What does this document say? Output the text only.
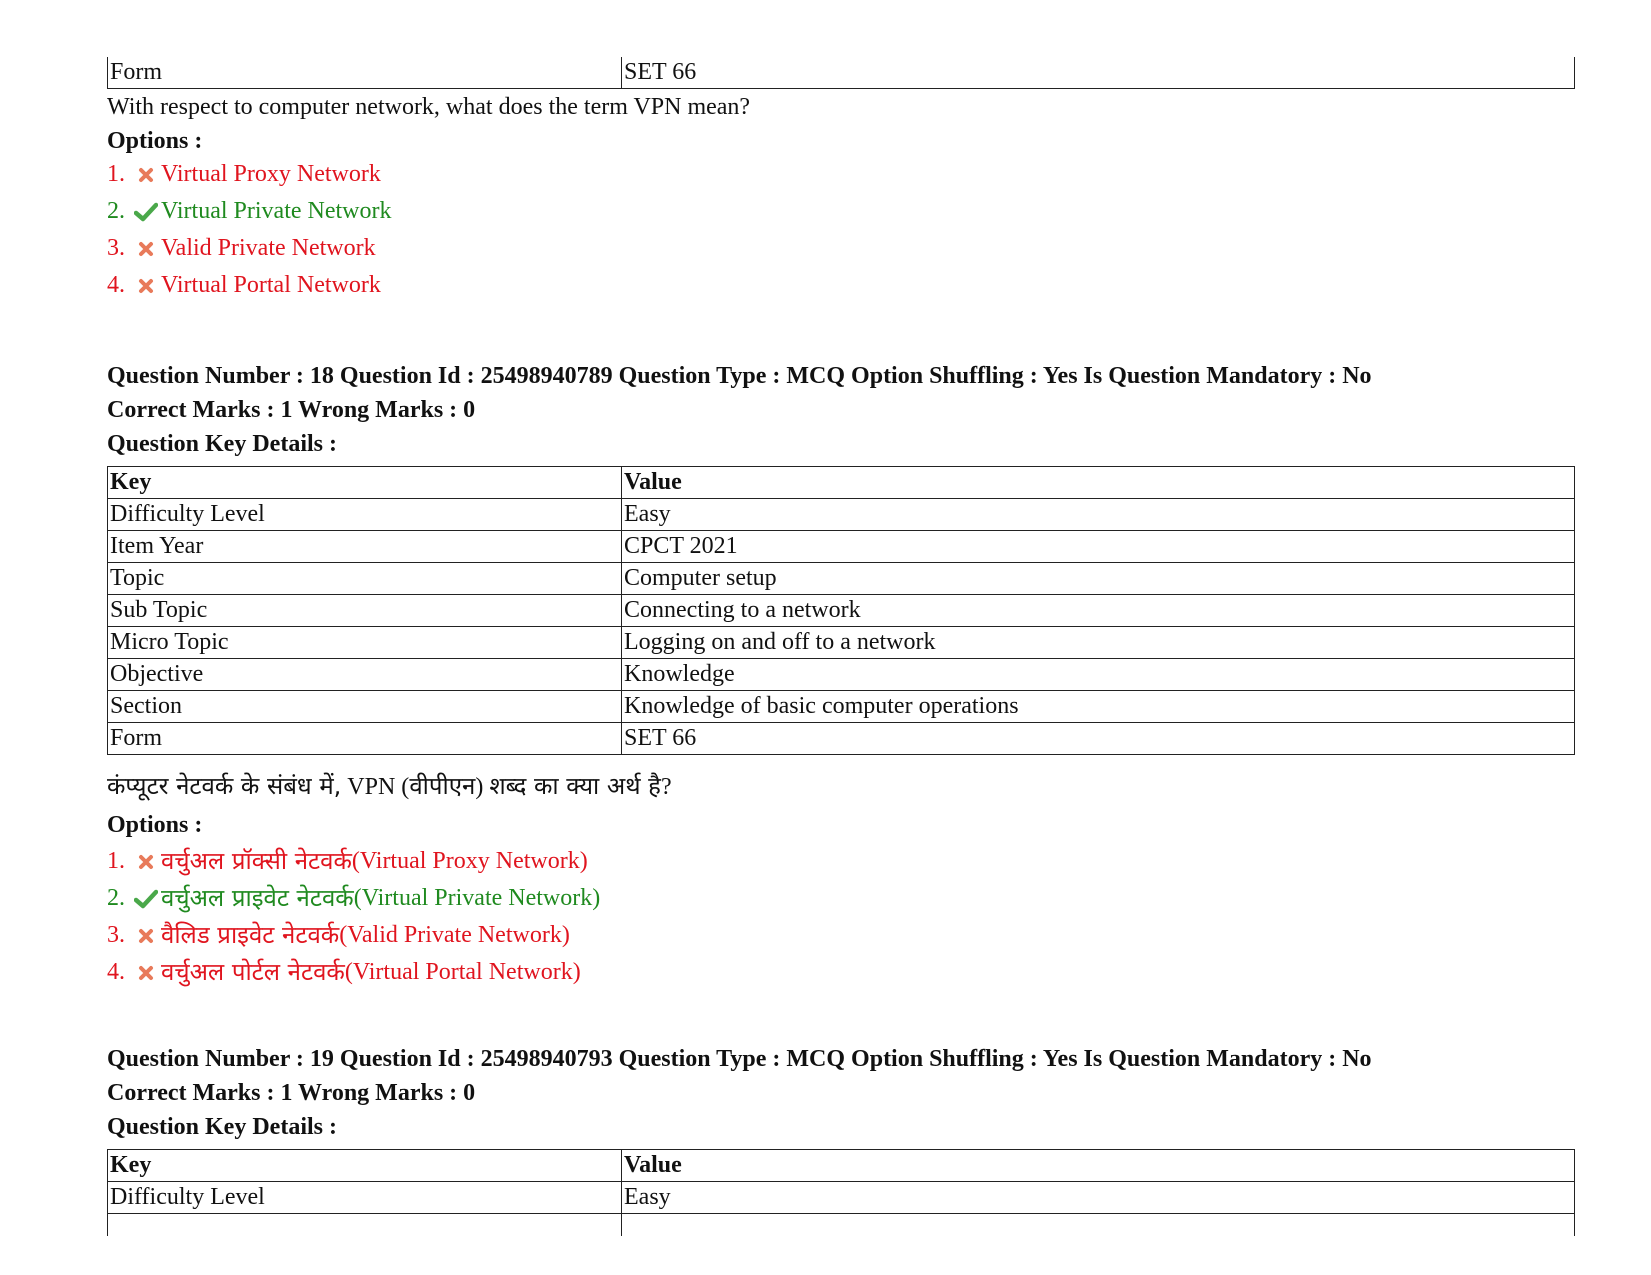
Form	SET 66
With respect to computer network, what does the term VPN mean?
Options :
1. Virtual Proxy Network
2. Virtual Private Network
3. Valid Private Network
4. Virtual Portal Network
Question Number : 18 Question Id : 25498940789 Question Type : MCQ Option Shuffling : Yes Is Question Mandatory : No
Correct Marks : 1 Wrong Marks : 0
Question Key Details :
Key	Value
Difficulty Level	Easy
Item Year	CPCT 2021
Topic	Computer setup
Sub Topic	Connecting to a network
Micro Topic	Logging on and off to a network
Objective	Knowledge
Section	Knowledge of basic computer operations
Form	SET 66
कंप्यूटर नेटवर्क के संबंध में, VPN (वीपीएन) शब्द का क्या अर्थ है?
Options :
1. वर्चुअल प्रॉक्सी नेटवर्क (Virtual Proxy Network)
2. वर्चुअल प्राइवेट नेटवर्क (Virtual Private Network)
3. वैलिड प्राइवेट नेटवर्क (Valid Private Network)
4. वर्चुअल पोर्टल नेटवर्क (Virtual Portal Network)
Question Number : 19 Question Id : 25498940793 Question Type : MCQ Option Shuffling : Yes Is Question Mandatory : No
Correct Marks : 1 Wrong Marks : 0
Question Key Details :
Key	Value
Difficulty Level	Easy
